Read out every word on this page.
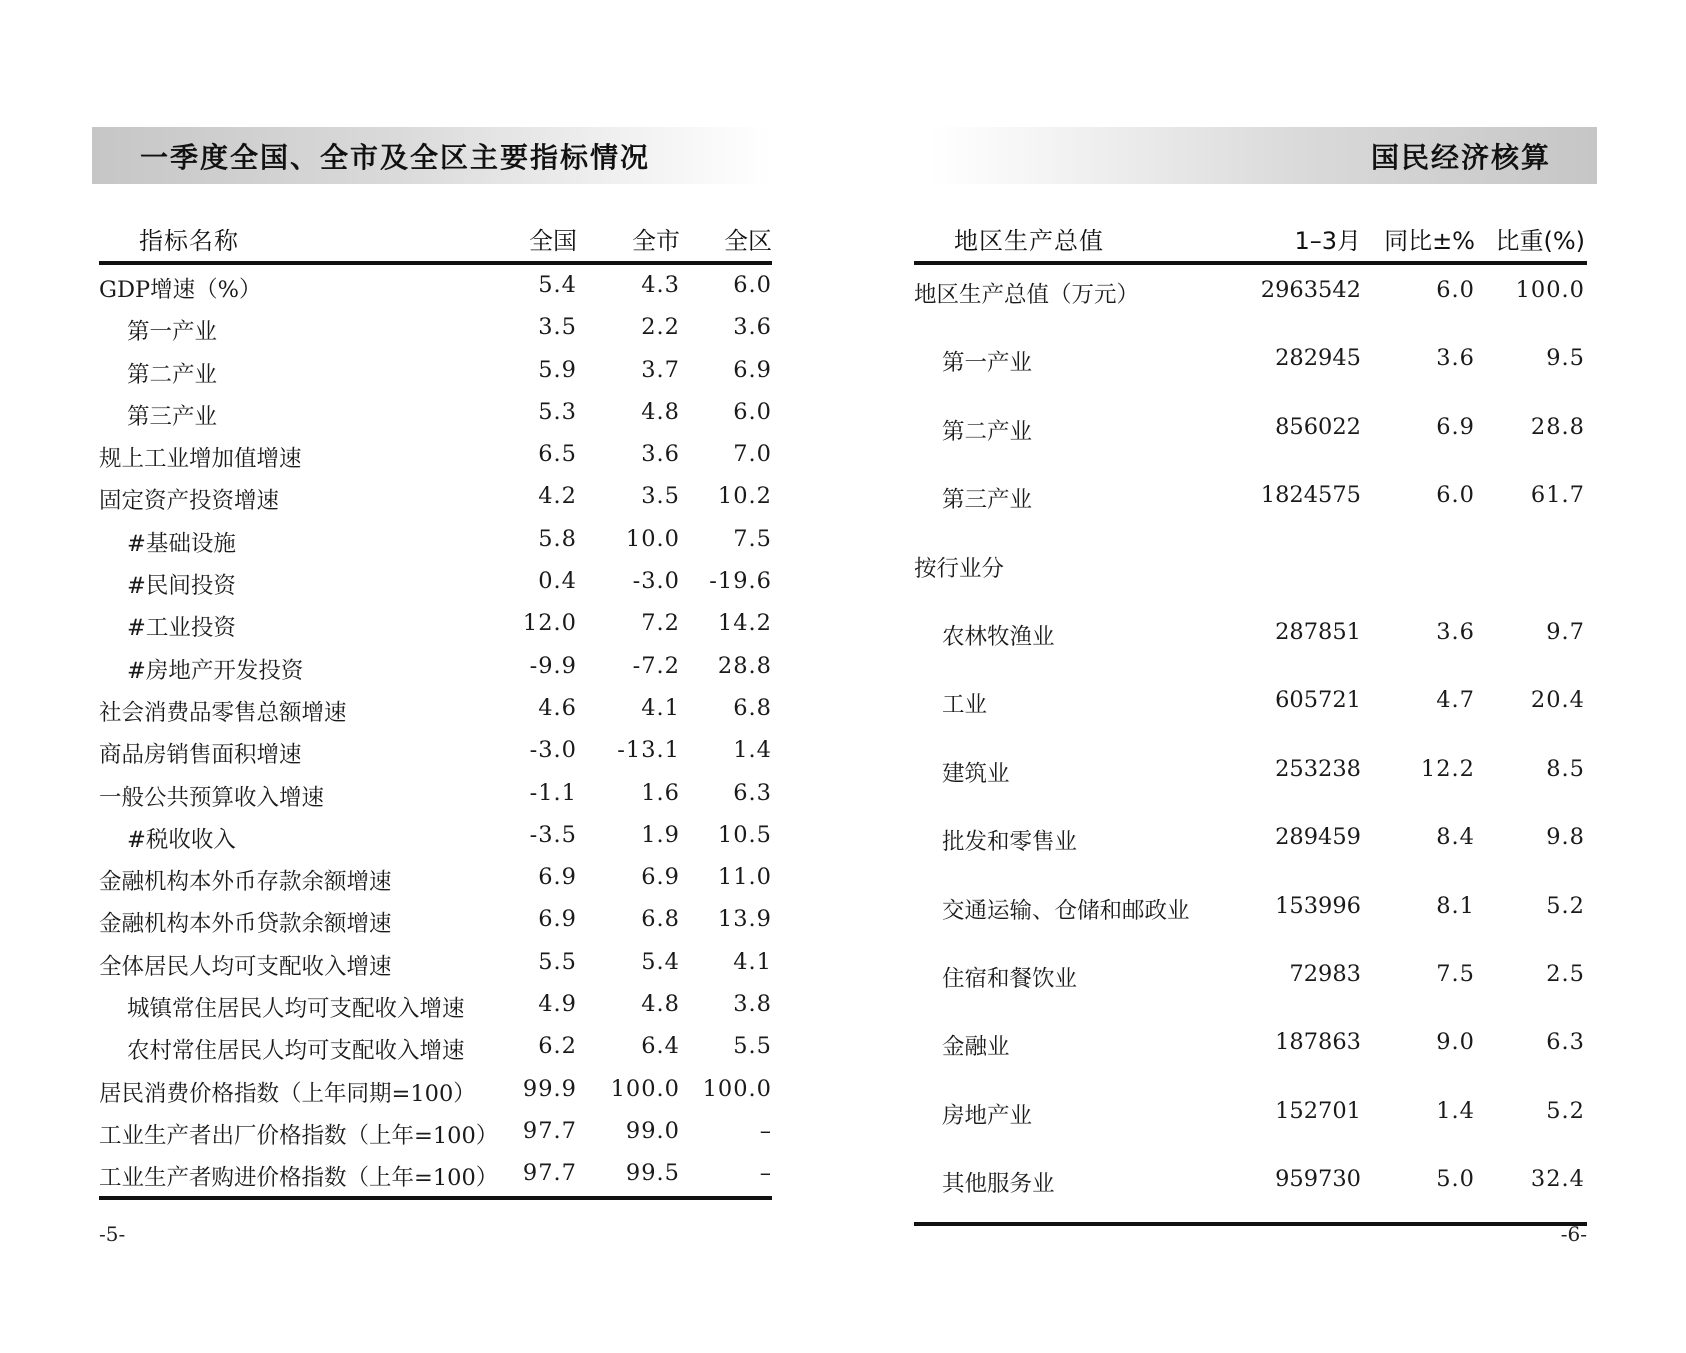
一季度全国、全市及全区主要指标情况
指标名称	全国 全市 全区
GDP增速（%）	5.4	4.3 6.0
第一产业	3.5	2.2 3.6
第二产业	5.9	3.7 6.9
第三产业	5.3	4.8 6.0
规上工业增加值增速	6.5	3.6 7.0
固定资产投资增速	4.2	3.5 10.2
#基础设施	5.8 10.0 7.5
#民间投资	0.4 -3.0 -19.6
#工业投资	12.0	7.2 14.2
#房地产开发投资	-9.9 -7.2 28.8
社会消费品零售总额增速	4.6	4.1 6.8
商品房销售面积增速	-3.0 -13.1 1.4
一般公共预算收入增速	-1.1	1.6 6.3
#税收收入	-3.5	1.9 10.5
金融机构本外币存款余额增速	6.9	6.9 11.0
金融机构本外币贷款余额增速	6.9	6.8 13.9
全体居民人均可支配收入增速	5.5	5.4 4.1
城镇常住居民人均可支配收入增速	4.9	4.8 3.8
农村常住居民人均可支配收入增速	6.2	6.4 5.5
居民消费价格指数（上年同期=100） 99.9 100.0 100.0
工业生产者出厂价格指数（上年=100） 97.7 99.0	–
工业生产者购进价格指数（上年=100） 97.7 99.5	–
-5-
国民经济核算
地区生产总值	1–3月 同比±% 比重(%)
地区生产总值（万元）	2963542	6.0 100.0
第一产业	282945	3.6	9.5
第二产业	856022	6.9 28.8
第三产业	1824575	6.0 61.7
按行业分
农林牧渔业	287851	3.6	9.7
工业	605721	4.7 20.4
建筑业	253238	12.2	8.5
批发和零售业	289459	8.4	9.8
交通运输、仓储和邮政业	153996	8.1	5.2
住宿和餐饮业	72983	7.5	2.5
金融业	187863	9.0	6.3
房地产业	152701	1.4	5.2
其他服务业	959730	5.0 32.4
-6-
